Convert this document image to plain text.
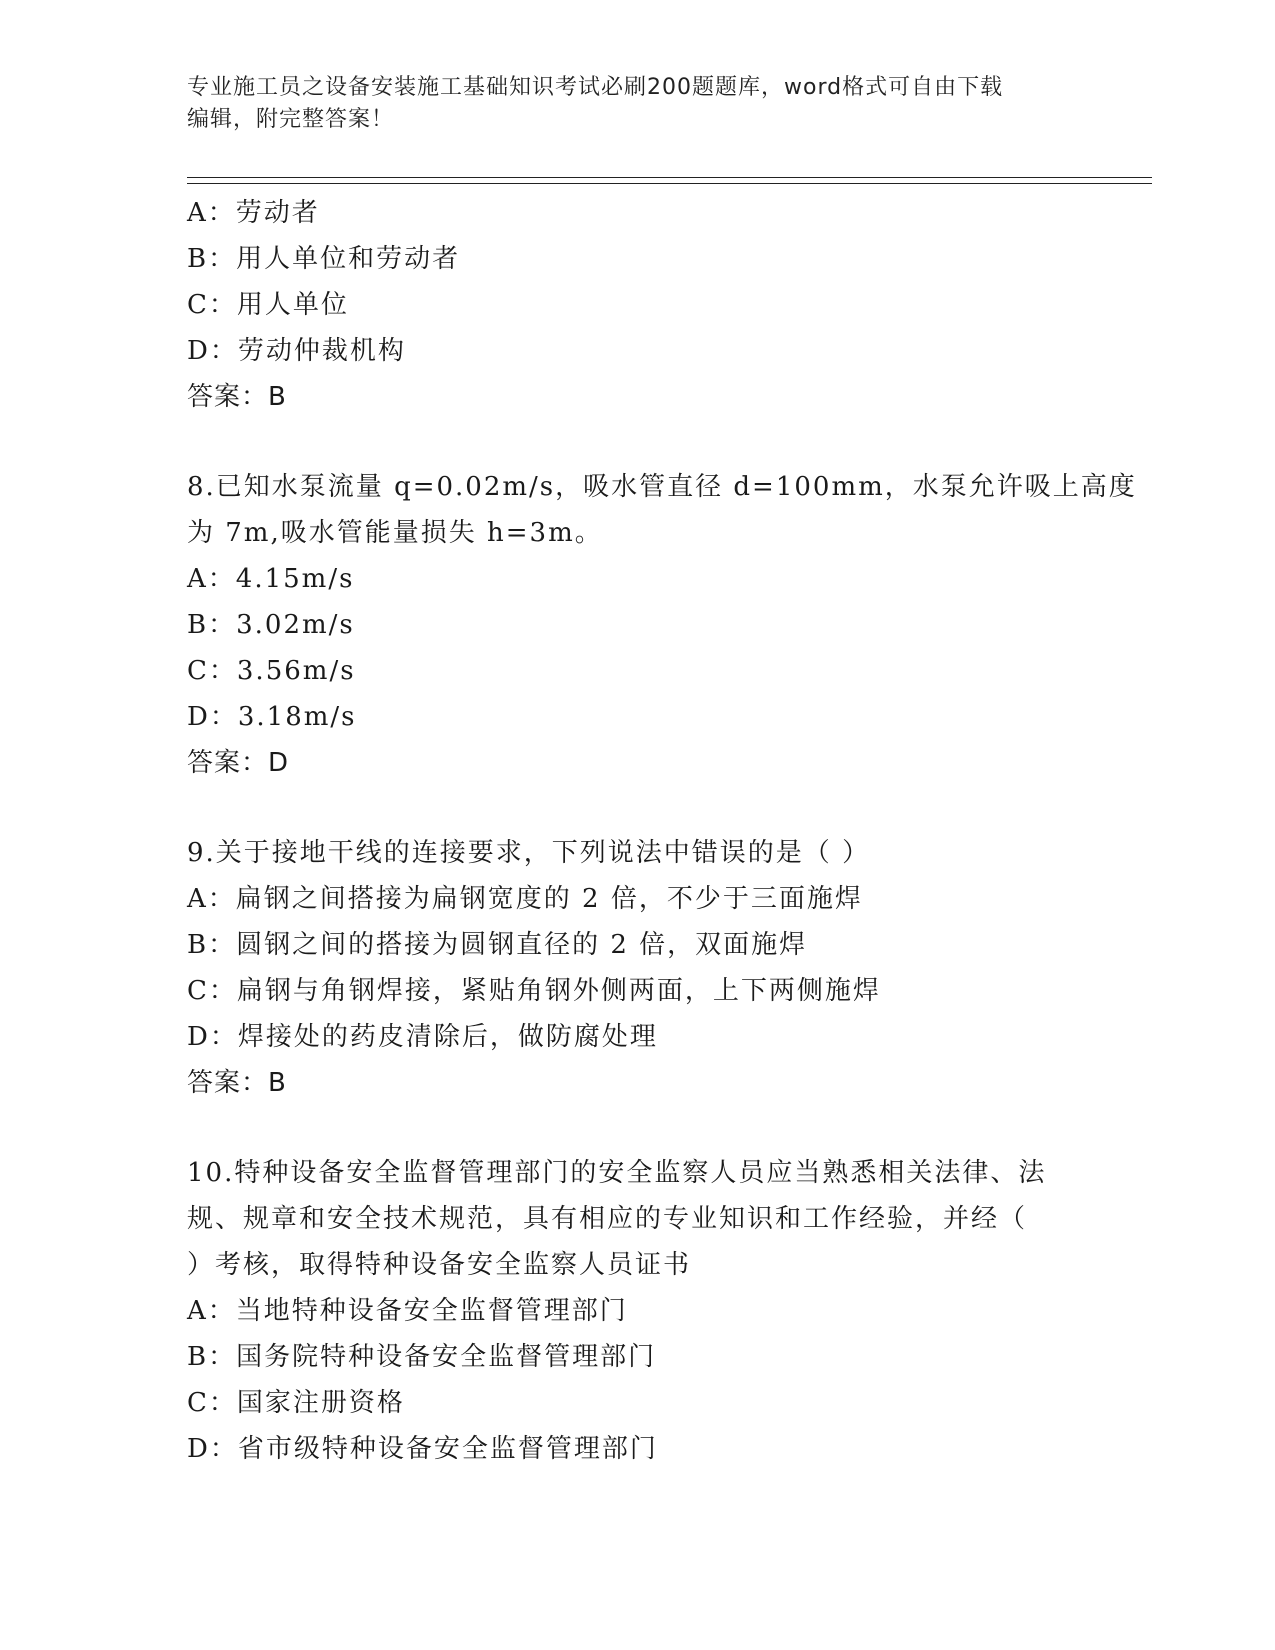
专业施工员之设备安装施工基础知识考试必刷200题题库，word格式可自由下载
编辑，附完整答案！
A：劳动者
B：用人单位和劳动者
C：用人单位
D：劳动仲裁机构
答案：B
8.已知水泵流量 q=0.02m/s，吸水管直径 d=100mm，水泵允许吸上高度
为 7m,吸水管能量损失 h=3m。
A：4.15m/s
B：3.02m/s
C：3.56m/s
D：3.18m/s
答案：D
9.关于接地干线的连接要求，下列说法中错误的是（ ）
A：扁钢之间搭接为扁钢宽度的 2 倍，不少于三面施焊
B：圆钢之间的搭接为圆钢直径的 2 倍，双面施焊
C：扁钢与角钢焊接，紧贴角钢外侧两面，上下两侧施焊
D：焊接处的药皮清除后，做防腐处理
答案：B
10.特种设备安全监督管理部门的安全监察人员应当熟悉相关法律、法
规、规章和安全技术规范，具有相应的专业知识和工作经验，并经（
）考核，取得特种设备安全监察人员证书
A：当地特种设备安全监督管理部门
B：国务院特种设备安全监督管理部门
C：国家注册资格
D：省市级特种设备安全监督管理部门
